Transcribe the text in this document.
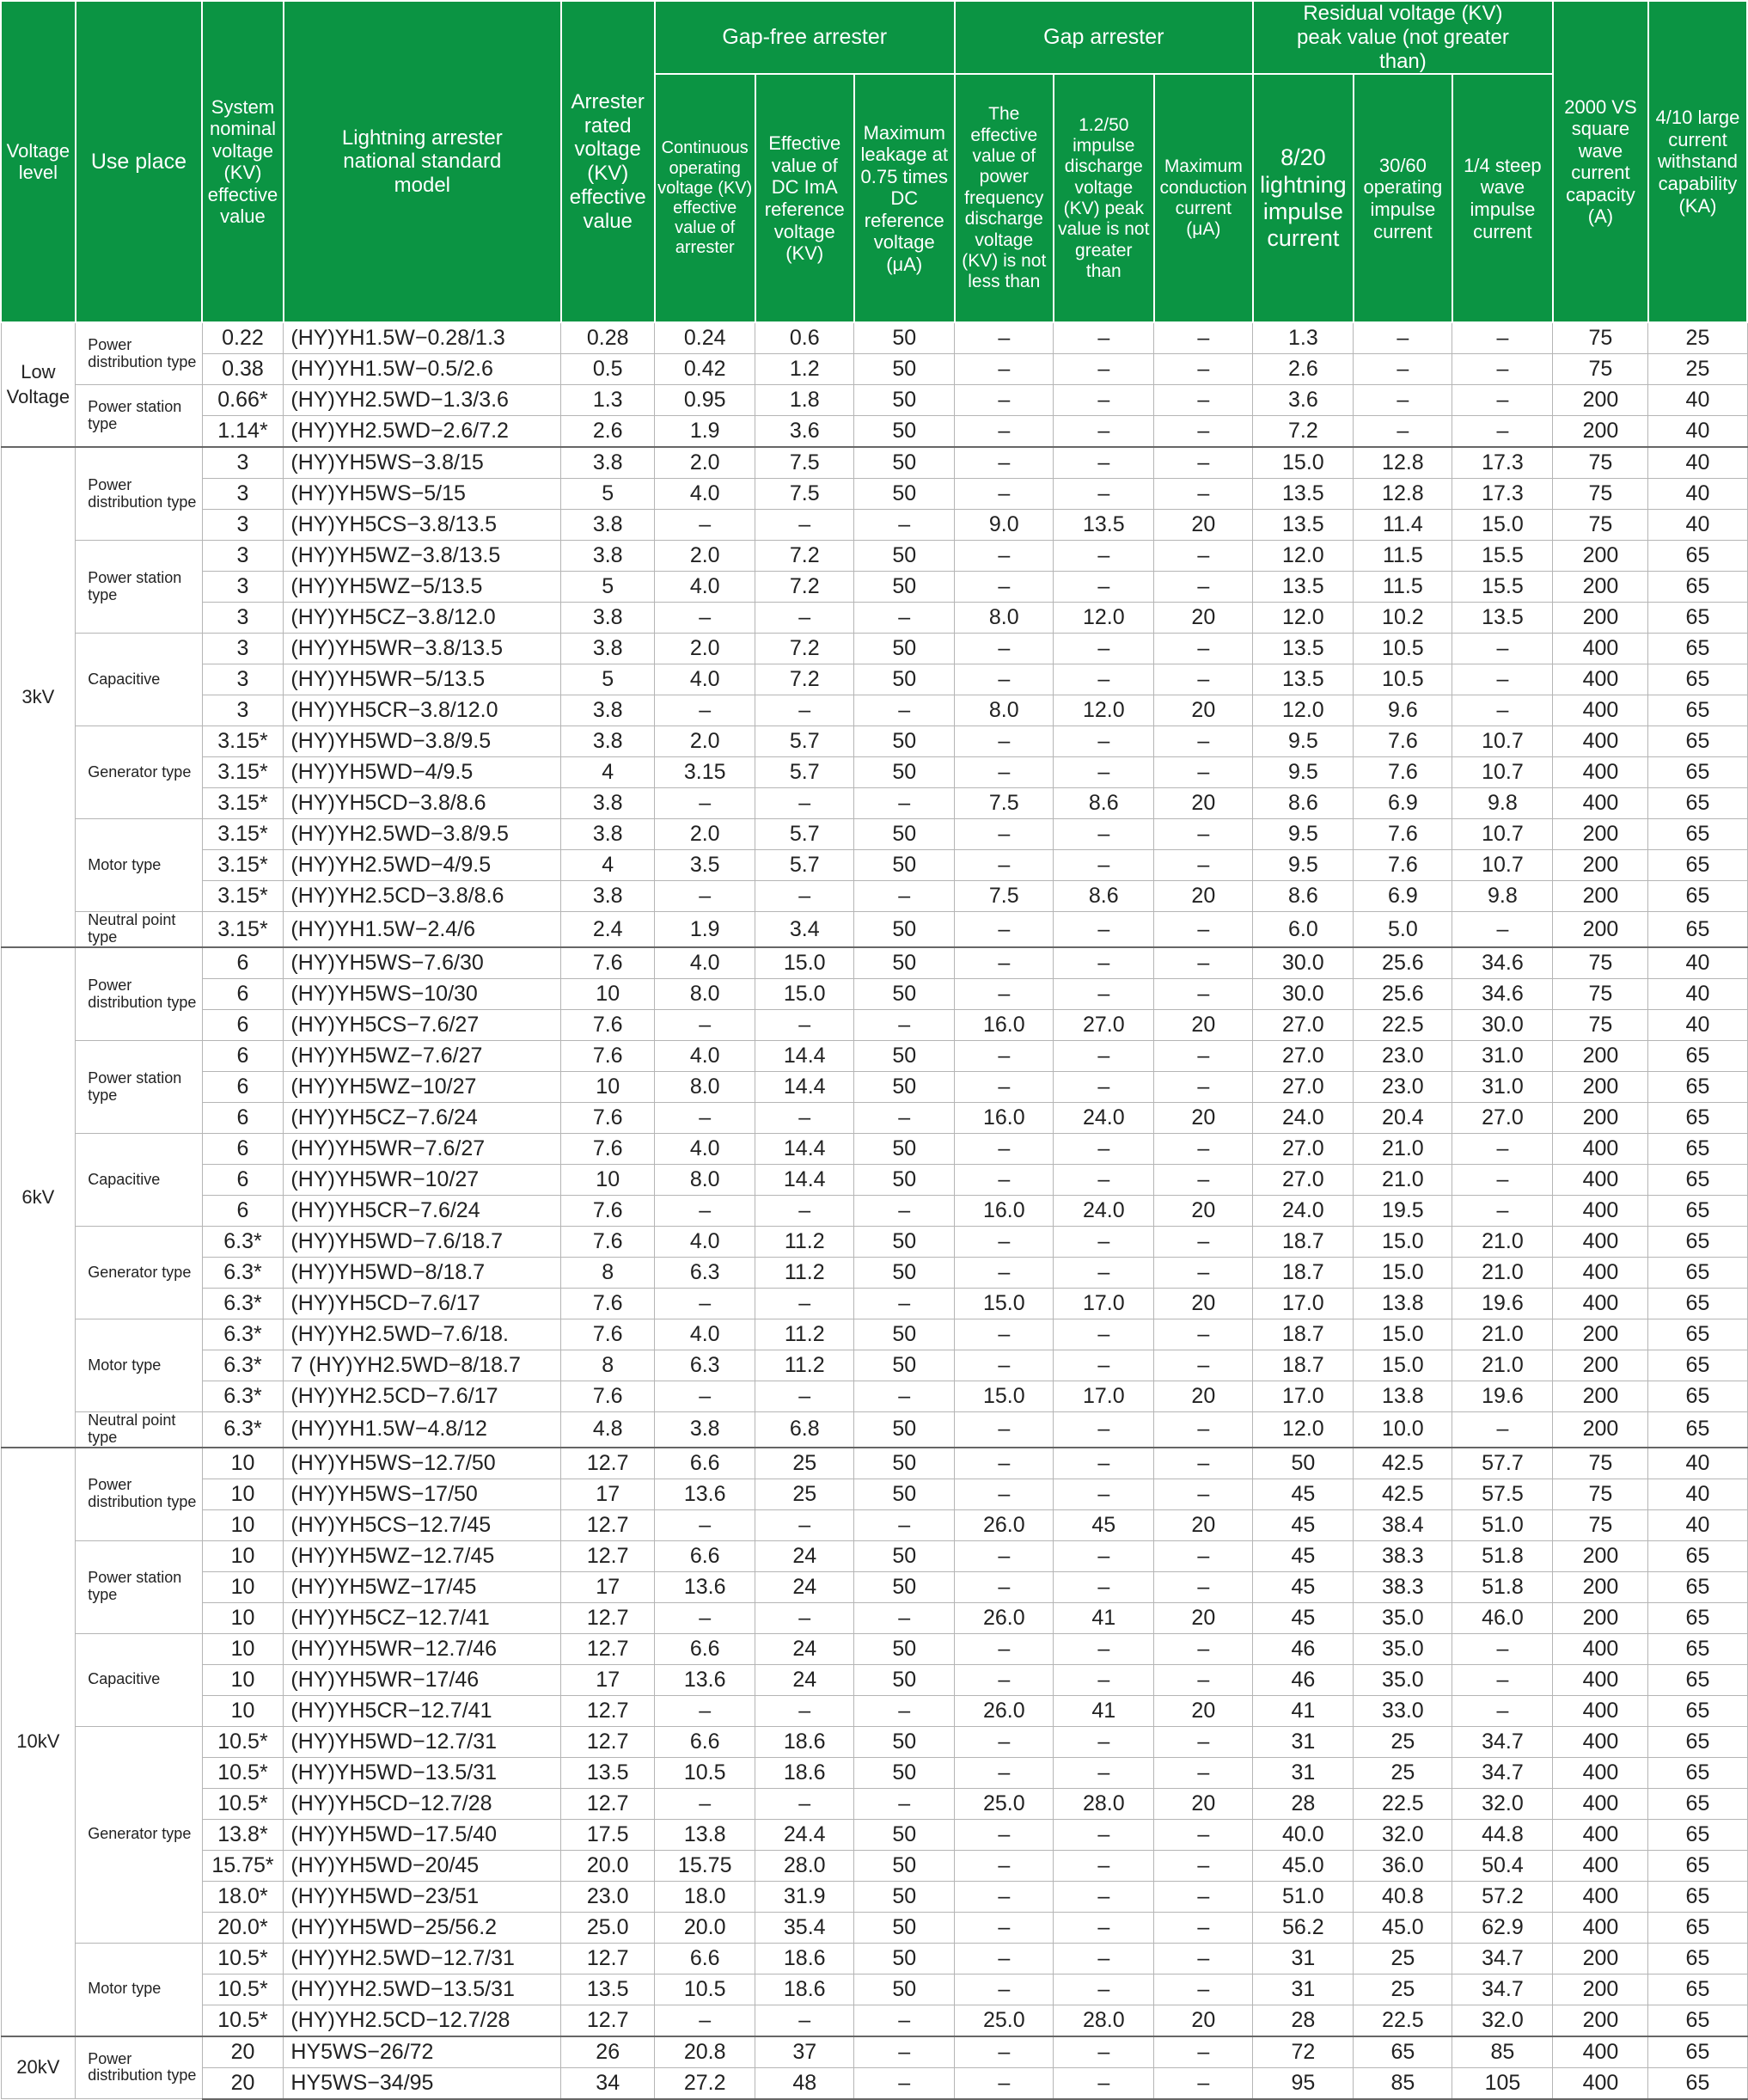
Voltage level	Use place	System nominal voltage (KV) effective value	Lightning arrester national standard model	Arrester rated voltage (KV) effective value	Gap-free arrester			Gap arrester			Residual voltage (KV) peak value (not greater than)			2000 VS square wave current capacity (A)	4/10 large current withstand capability (KA)
					Continuous operating voltage (KV) effective value of arrester	Effective value of DC ImA reference voltage (KV)	Maximum leakage at 0.75 times DC reference voltage (μA)	The effective value of power frequency discharge voltage (KV) is not less than	1.2/50 impulse discharge voltage (KV) peak value is not greater than	Maximum conduction current (μA)	8/20 lightning impulse current	30/60 operating impulse current	1/4 steep wave impulse current		
Low Voltage	Power distribution type	0.22	(HY)YH1.5W−0.28/1.3	0.28	0.24	0.6	50	–	–	–	1.3	–	–	75	25
		0.38	(HY)YH1.5W−0.5/2.6	0.5	0.42	1.2	50	–	–	–	2.6	–	–	75	25
	Power station type	0.66*	(HY)YH2.5WD−1.3/3.6	1.3	0.95	1.8	50	–	–	–	3.6	–	–	200	40
		1.14*	(HY)YH2.5WD−2.6/7.2	2.6	1.9	3.6	50	–	–	–	7.2	–	–	200	40
3kV	Power distribution type	3	(HY)YH5WS−3.8/15	3.8	2.0	7.5	50	–	–	–	15.0	12.8	17.3	75	40
		3	(HY)YH5WS−5/15	5	4.0	7.5	50	–	–	–	13.5	12.8	17.3	75	40
		3	(HY)YH5CS−3.8/13.5	3.8	–	–	–	9.0	13.5	20	13.5	11.4	15.0	75	40
	Power station type	3	(HY)YH5WZ−3.8/13.5	3.8	2.0	7.2	50	–	–	–	12.0	11.5	15.5	200	65
		3	(HY)YH5WZ−5/13.5	5	4.0	7.2	50	–	–	–	13.5	11.5	15.5	200	65
		3	(HY)YH5CZ−3.8/12.0	3.8	–	–	–	8.0	12.0	20	12.0	10.2	13.5	200	65
	Capacitive	3	(HY)YH5WR−3.8/13.5	3.8	2.0	7.2	50	–	–	–	13.5	10.5	–	400	65
		3	(HY)YH5WR−5/13.5	5	4.0	7.2	50	–	–	–	13.5	10.5	–	400	65
		3	(HY)YH5CR−3.8/12.0	3.8	–	–	–	8.0	12.0	20	12.0	9.6	–	400	65
	Generator type	3.15*	(HY)YH5WD−3.8/9.5	3.8	2.0	5.7	50	–	–	–	9.5	7.6	10.7	400	65
		3.15*	(HY)YH5WD−4/9.5	4	3.15	5.7	50	–	–	–	9.5	7.6	10.7	400	65
		3.15*	(HY)YH5CD−3.8/8.6	3.8	–	–	–	7.5	8.6	20	8.6	6.9	9.8	400	65
	Motor type	3.15*	(HY)YH2.5WD−3.8/9.5	3.8	2.0	5.7	50	–	–	–	9.5	7.6	10.7	200	65
		3.15*	(HY)YH2.5WD−4/9.5	4	3.5	5.7	50	–	–	–	9.5	7.6	10.7	200	65
		3.15*	(HY)YH2.5CD−3.8/8.6	3.8	–	–	–	7.5	8.6	20	8.6	6.9	9.8	200	65
	Neutral point type	3.15*	(HY)YH1.5W−2.4/6	2.4	1.9	3.4	50	–	–	–	6.0	5.0	–	200	65
6kV	Power distribution type	6	(HY)YH5WS−7.6/30	7.6	4.0	15.0	50	–	–	–	30.0	25.6	34.6	75	40
		6	(HY)YH5WS−10/30	10	8.0	15.0	50	–	–	–	30.0	25.6	34.6	75	40
		6	(HY)YH5CS−7.6/27	7.6	–	–	–	16.0	27.0	20	27.0	22.5	30.0	75	40
	Power station type	6	(HY)YH5WZ−7.6/27	7.6	4.0	14.4	50	–	–	–	27.0	23.0	31.0	200	65
		6	(HY)YH5WZ−10/27	10	8.0	14.4	50	–	–	–	27.0	23.0	31.0	200	65
		6	(HY)YH5CZ−7.6/24	7.6	–	–	–	16.0	24.0	20	24.0	20.4	27.0	200	65
	Capacitive	6	(HY)YH5WR−7.6/27	7.6	4.0	14.4	50	–	–	–	27.0	21.0	–	400	65
		6	(HY)YH5WR−10/27	10	8.0	14.4	50	–	–	–	27.0	21.0	–	400	65
		6	(HY)YH5CR−7.6/24	7.6	–	–	–	16.0	24.0	20	24.0	19.5	–	400	65
	Generator type	6.3*	(HY)YH5WD−7.6/18.7	7.6	4.0	11.2	50	–	–	–	18.7	15.0	21.0	400	65
		6.3*	(HY)YH5WD−8/18.7	8	6.3	11.2	50	–	–	–	18.7	15.0	21.0	400	65
		6.3*	(HY)YH5CD−7.6/17	7.6	–	–	–	15.0	17.0	20	17.0	13.8	19.6	400	65
	Motor type	6.3*	(HY)YH2.5WD−7.6/18.	7.6	4.0	11.2	50	–	–	–	18.7	15.0	21.0	200	65
		6.3*	7 (HY)YH2.5WD−8/18.7	8	6.3	11.2	50	–	–	–	18.7	15.0	21.0	200	65
		6.3*	(HY)YH2.5CD−7.6/17	7.6	–	–	–	15.0	17.0	20	17.0	13.8	19.6	200	65
	Neutral point type	6.3*	(HY)YH1.5W−4.8/12	4.8	3.8	6.8	50	–	–	–	12.0	10.0	–	200	65
10kV	Power distribution type	10	(HY)YH5WS−12.7/50	12.7	6.6	25	50	–	–	–	50	42.5	57.7	75	40
		10	(HY)YH5WS−17/50	17	13.6	25	50	–	–	–	45	42.5	57.5	75	40
		10	(HY)YH5CS−12.7/45	12.7	–	–	–	26.0	45	20	45	38.4	51.0	75	40
	Power station type	10	(HY)YH5WZ−12.7/45	12.7	6.6	24	50	–	–	–	45	38.3	51.8	200	65
		10	(HY)YH5WZ−17/45	17	13.6	24	50	–	–	–	45	38.3	51.8	200	65
		10	(HY)YH5CZ−12.7/41	12.7	–	–	–	26.0	41	20	45	35.0	46.0	200	65
	Capacitive	10	(HY)YH5WR−12.7/46	12.7	6.6	24	50	–	–	–	46	35.0	–	400	65
		10	(HY)YH5WR−17/46	17	13.6	24	50	–	–	–	46	35.0	–	400	65
		10	(HY)YH5CR−12.7/41	12.7	–	–	–	26.0	41	20	41	33.0	–	400	65
	Generator type	10.5*	(HY)YH5WD−12.7/31	12.7	6.6	18.6	50	–	–	–	31	25	34.7	400	65
		10.5*	(HY)YH5WD−13.5/31	13.5	10.5	18.6	50	–	–	–	31	25	34.7	400	65
		10.5*	(HY)YH5CD−12.7/28	12.7	–	–	–	25.0	28.0	20	28	22.5	32.0	400	65
		13.8*	(HY)YH5WD−17.5/40	17.5	13.8	24.4	50	–	–	–	40.0	32.0	44.8	400	65
		15.75*	(HY)YH5WD−20/45	20.0	15.75	28.0	50	–	–	–	45.0	36.0	50.4	400	65
		18.0*	(HY)YH5WD−23/51	23.0	18.0	31.9	50	–	–	–	51.0	40.8	57.2	400	65
		20.0*	(HY)YH5WD−25/56.2	25.0	20.0	35.4	50	–	–	–	56.2	45.0	62.9	400	65
	Motor type	10.5*	(HY)YH2.5WD−12.7/31	12.7	6.6	18.6	50	–	–	–	31	25	34.7	200	65
		10.5*	(HY)YH2.5WD−13.5/31	13.5	10.5	18.6	50	–	–	–	31	25	34.7	200	65
		10.5*	(HY)YH2.5CD−12.7/28	12.7	–	–	–	25.0	28.0	20	28	22.5	32.0	200	65
20kV	Power distribution type	20	HY5WS−26/72	26	20.8	37	–	–	–	–	72	65	85	400	65
		20	HY5WS−34/95	34	27.2	48	–	–	–	–	95	85	105	400	65
